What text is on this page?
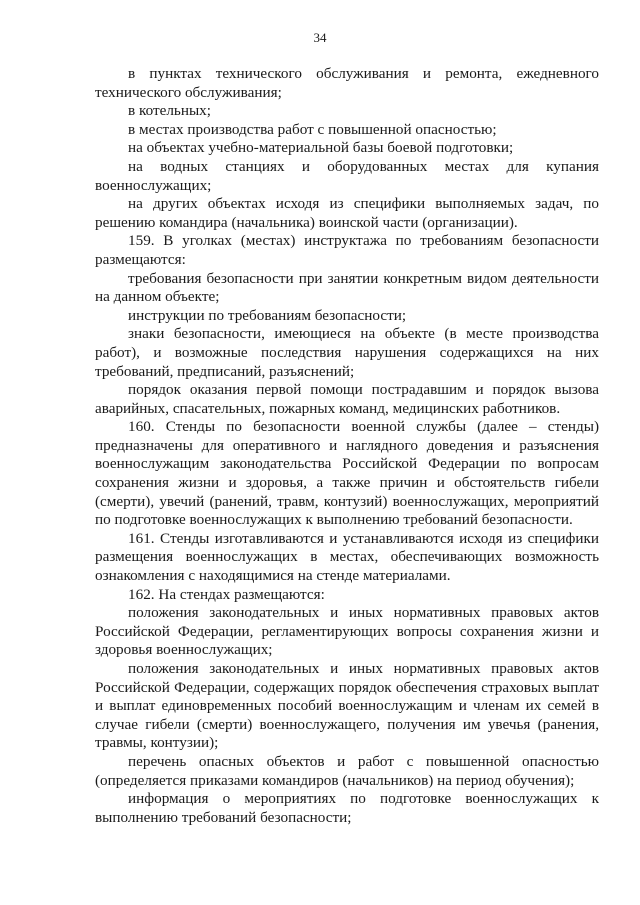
34

в пунктах технического обслуживания и ремонта, ежедневного технического обслуживания;

в котельных;

в местах производства работ с повышенной опасностью;

на объектах учебно-материальной базы боевой подготовки;

на водных станциях и оборудованных местах для купания военнослужащих;

на других объектах исходя из специфики выполняемых задач, по решению командира (начальника) воинской части (организации).

159. В уголках (местах) инструктажа по требованиям безопасности размещаются:

требования безопасности при занятии конкретным видом деятельности на данном объекте;

инструкции по требованиям безопасности;

знаки безопасности, имеющиеся на объекте (в месте производства работ), и возможные последствия нарушения содержащихся на них требований, предписаний, разъяснений;

порядок оказания первой помощи пострадавшим и порядок вызова аварийных, спасательных, пожарных команд, медицинских работников.

160. Стенды по безопасности военной службы (далее – стенды) предназначены для оперативного и наглядного доведения и разъяснения военнослужащим законодательства Российской Федерации по вопросам сохранения жизни и здоровья, а также причин и обстоятельств гибели (смерти), увечий (ранений, травм, контузий) военнослужащих, мероприятий по подготовке военнослужащих к выполнению требований безопасности.

161. Стенды изготавливаются и устанавливаются исходя из специфики размещения военнослужащих в местах, обеспечивающих возможность ознакомления с находящимися на стенде материалами.

162. На стендах размещаются:

положения законодательных и иных нормативных правовых актов Российской Федерации, регламентирующих вопросы сохранения жизни и здоровья военнослужащих;

положения законодательных и иных нормативных правовых актов Российской Федерации, содержащих порядок обеспечения страховых выплат и выплат единовременных пособий военнослужащим и членам их семей в случае гибели (смерти) военнослужащего, получения им увечья (ранения, травмы, контузии);

перечень опасных объектов и работ с повышенной опасностью (определяется приказами командиров (начальников) на период обучения);

информация о мероприятиях по подготовке военнослужащих к выполнению требований безопасности;
